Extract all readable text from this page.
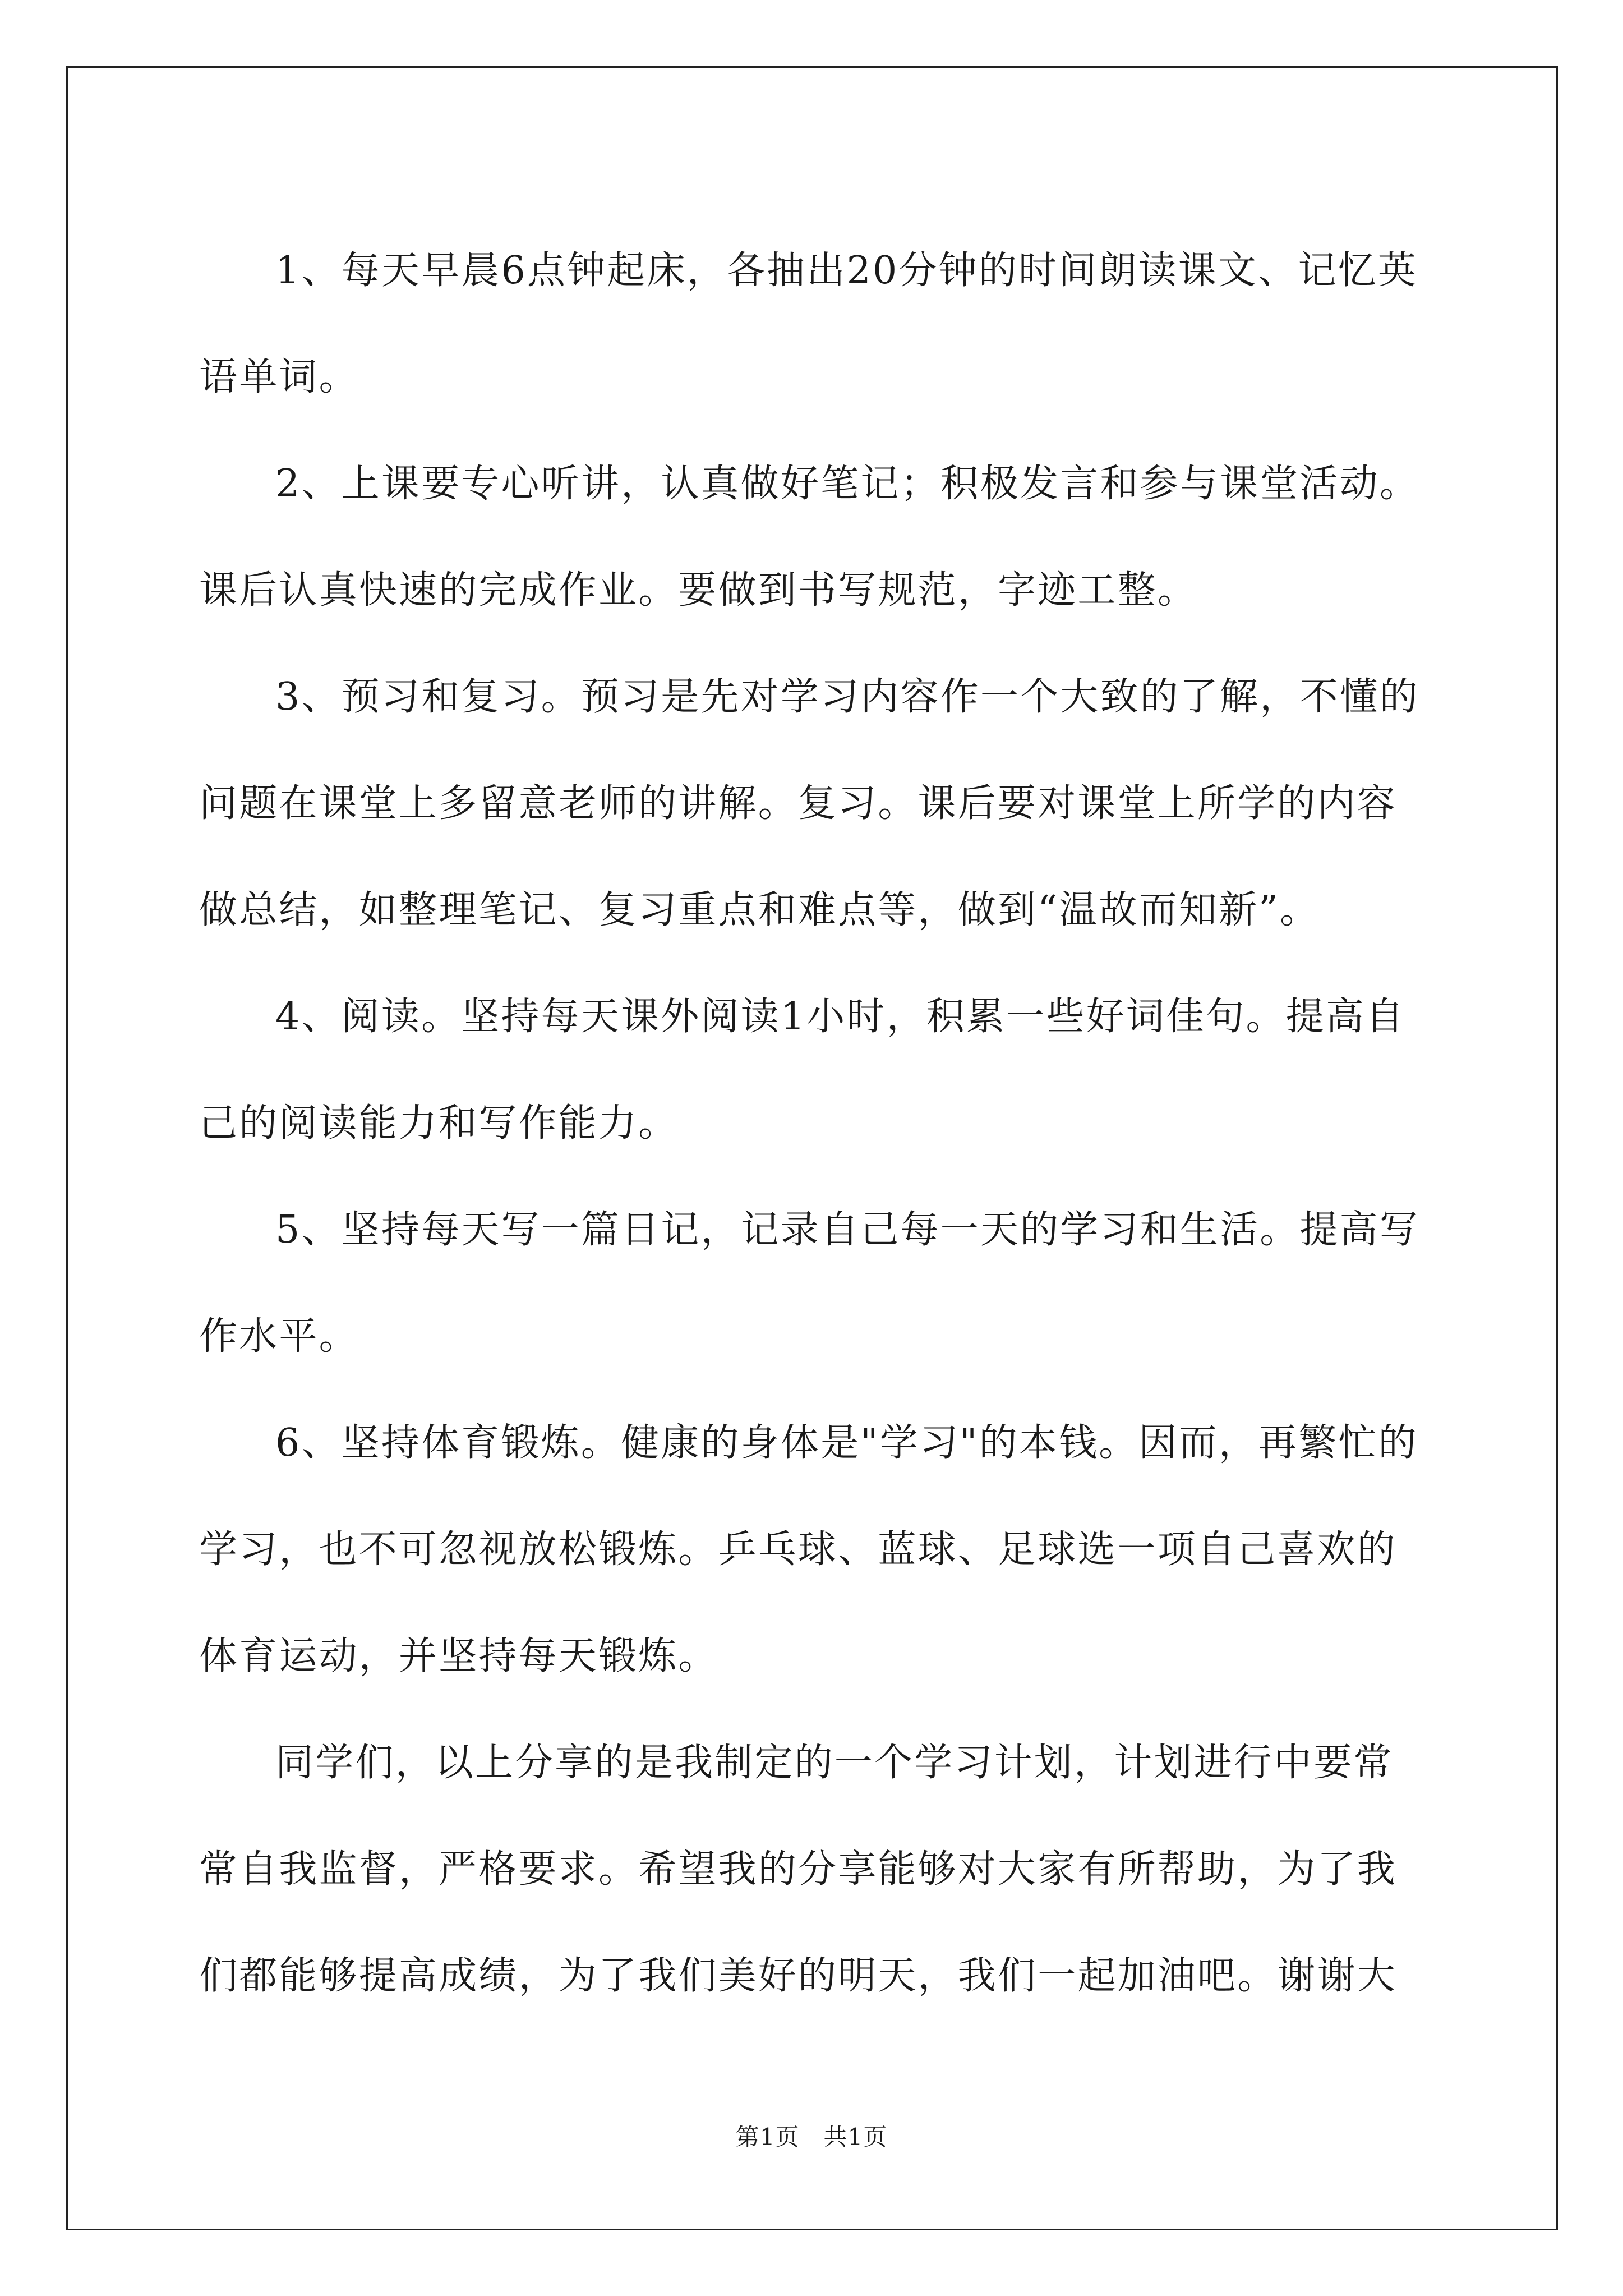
1、每天早晨6点钟起床，各抽出20分钟的时间朗读课文、记忆英语单词。

2、上课要专心听讲，认真做好笔记；积极发言和参与课堂活动。课后认真快速的完成作业。要做到书写规范，字迹工整。

3、预习和复习。预习是先对学习内容作一个大致的了解，不懂的问题在课堂上多留意老师的讲解。复习。课后要对课堂上所学的内容做总结，如整理笔记、复习重点和难点等，做到“温故而知新”。

4、阅读。坚持每天课外阅读1小时，积累一些好词佳句。提高自己的阅读能力和写作能力。

5、坚持每天写一篇日记，记录自己每一天的学习和生活。提高写作水平。

6、坚持体育锻炼。健康的身体是"学习"的本钱。因而，再繁忙的学习，也不可忽视放松锻炼。乒乓球、蓝球、足球选一项自己喜欢的体育运动，并坚持每天锻炼。

同学们，以上分享的是我制定的一个学习计划，计划进行中要常常自我监督，严格要求。希望我的分享能够对大家有所帮助，为了我们都能够提高成绩，为了我们美好的明天，我们一起加油吧。谢谢大

第1页 共1页
